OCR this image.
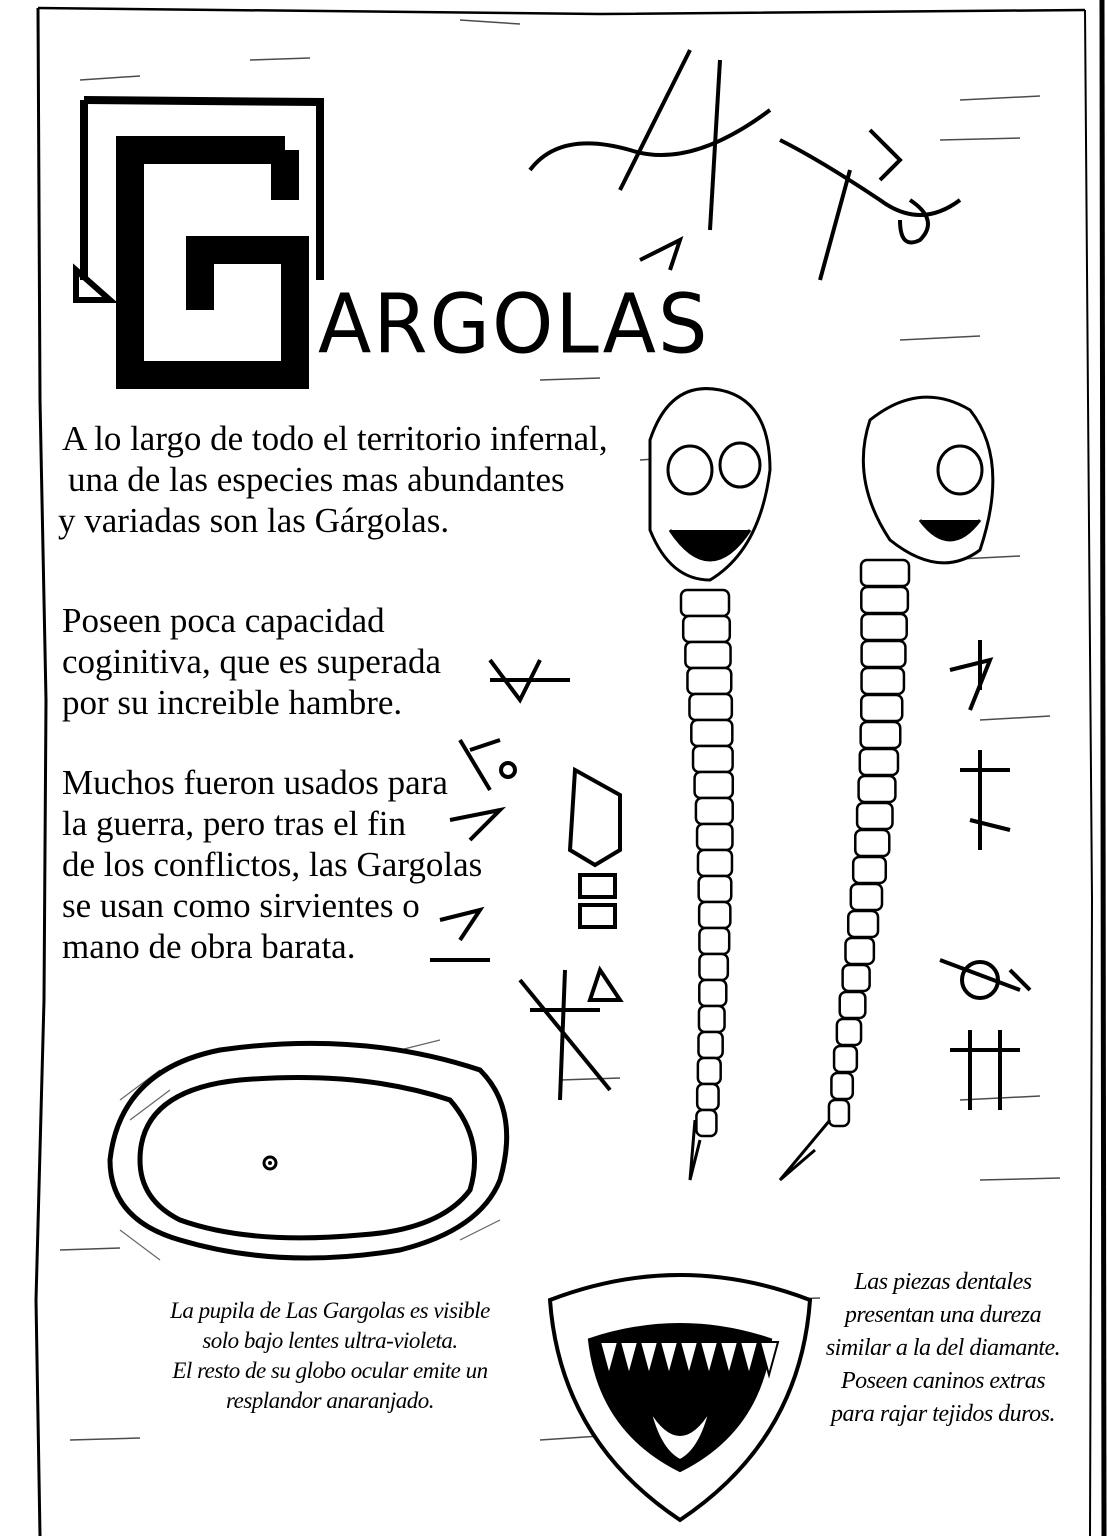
ARGOLAS

A lo largo de todo el territorio infernal,
una de las especies mas abundantes
y variadas son las Gárgolas.

Poseen poca capacidad
coginitiva, que es superada
por su increible hambre.

Muchos fueron usados para
la guerra, pero tras el fin
de los conflictos, las Gargolas
se usan como sirvientes o
mano de obra barata.

La pupila de Las Gargolas es visible
solo bajo lentes ultra-violeta.
El resto de su globo ocular emite un
resplandor anaranjado.

Las piezas dentales
presentan una dureza
similar a la del diamante.
Poseen caninos extras
para rajar tejidos duros.
